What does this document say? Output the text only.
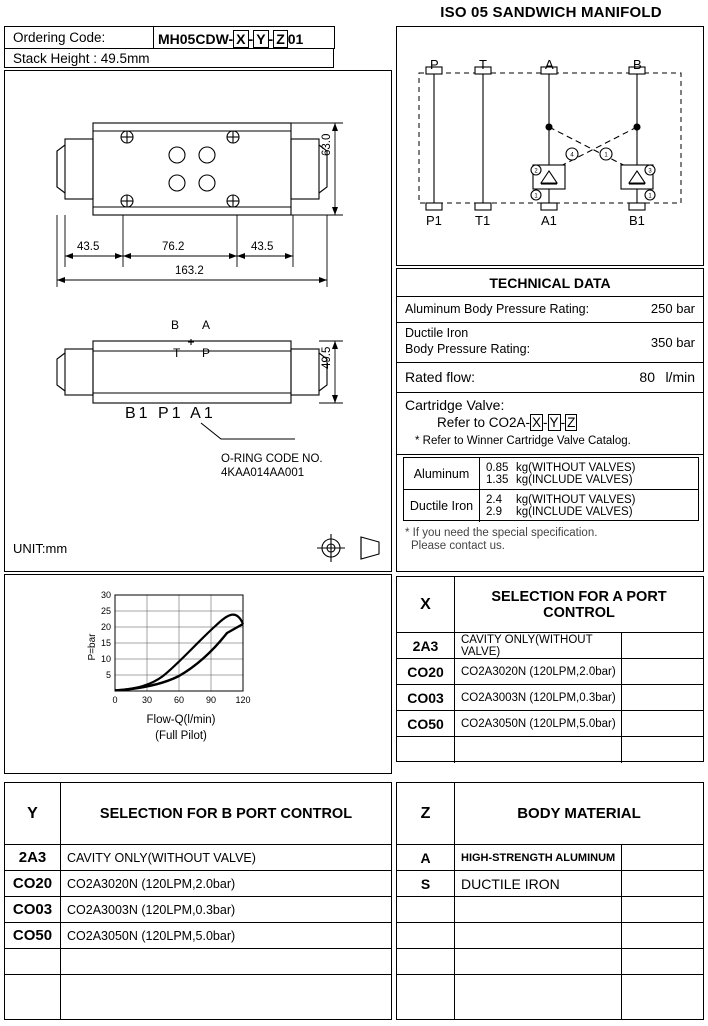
ISO 05 SANDWICH MANIFOLD
Ordering Code:	MH05CDW- X - Y - Z 01
Stack Height : 49.5mm
B A
P
T
43.5	76.2	43.5
163.2
63.0
49.5
B1 P1 A1
O-RING CODE NO.
4KAA014AA001
UNIT:mm
2	3
4	1
1	1
P	T	A	B
P1	T1	A1	B1
TECHNICAL DATA
Aluminum Body Pressure Rating:	250 bar
Ductile Iron
Body Pressure Rating:	350 bar
Rated flow:	80 l/min
Cartridge Valve:
Refer to CO2A- X - Y - Z
* Refer to Winner Cartridge Valve Catalog.
Aluminum	0.85 kg(WITHOUT VALVES)
1.35 kg(INCLUDE VALVES)
Ductile Iron	2.4 kg(WITHOUT VALVES)
2.9 kg(INCLUDE VALVES)
* If you need the special specification.
Please contact us.
30
25
20
15
10
5
0	30 60 90 120
P=bar
Flow-Q(l/min)
(Full Pilot)
X	SELECTION FOR A PORT CONTROL
2A3	CAVITY ONLY(WITHOUT VALVE)
CO20	CO2A3020N (120LPM,2.0bar)
CO03	CO2A3003N (120LPM,0.3bar)
CO50	CO2A3050N (120LPM,5.0bar)
Y	SELECTION FOR B PORT CONTROL
2A3	CAVITY ONLY(WITHOUT VALVE)
CO20	CO2A3020N (120LPM,2.0bar)
CO03	CO2A3003N (120LPM,0.3bar)
CO50	CO2A3050N (120LPM,5.0bar)
Z	BODY MATERIAL
A	HIGH-STRENGTH ALUMINUM
S	DUCTILE IRON
